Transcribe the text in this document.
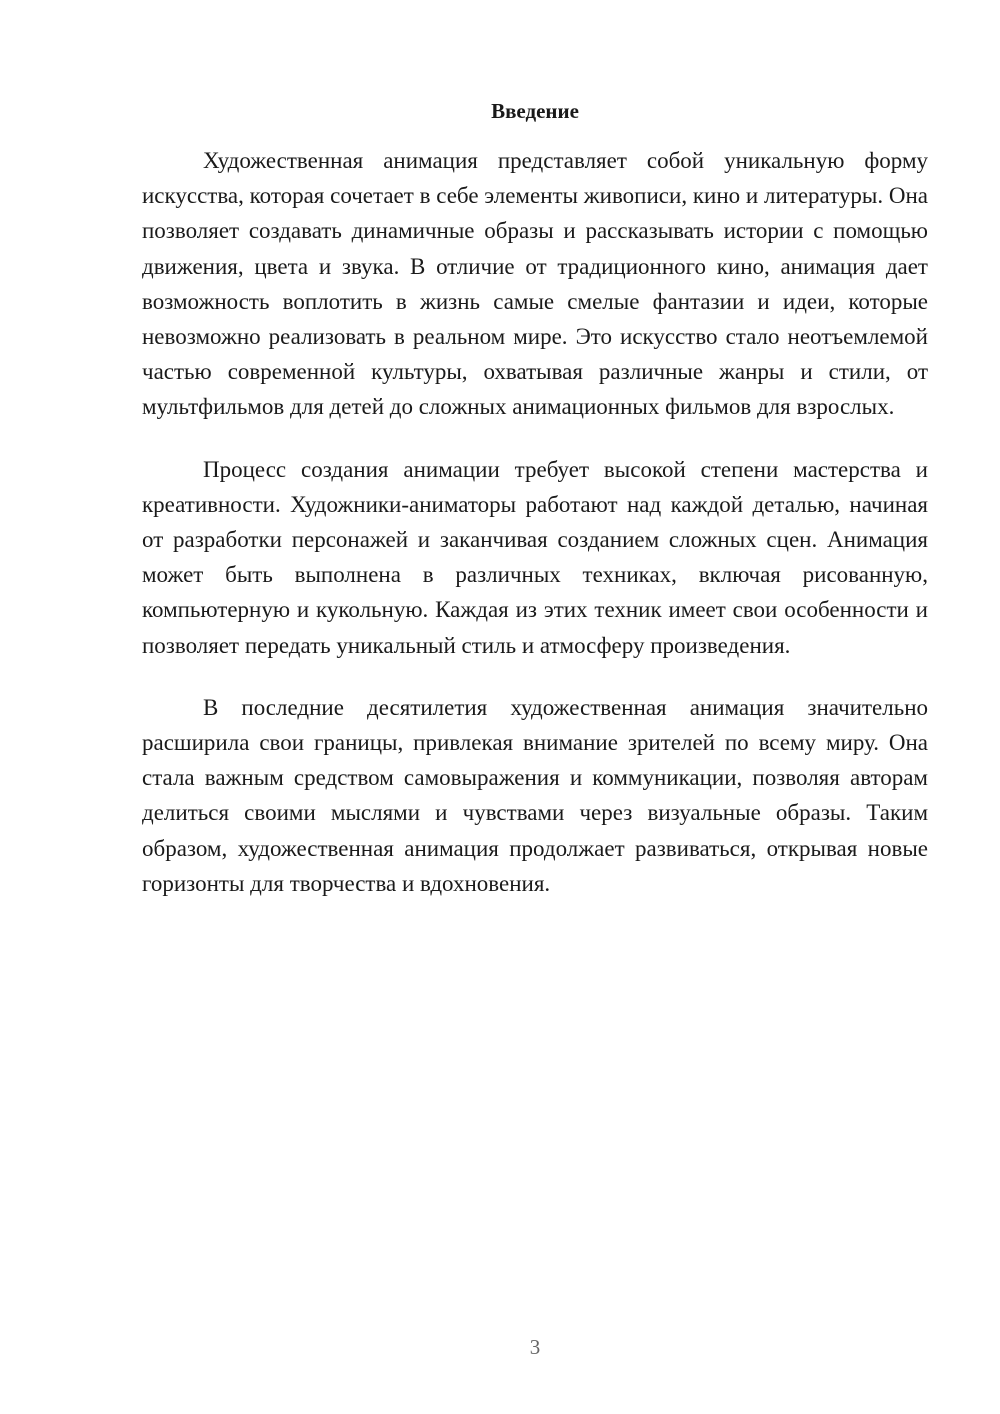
Введение

Художественная анимация представляет собой уникальную форму искусства, которая сочетает в себе элементы живописи, кино и литературы. Она позволяет создавать динамичные образы и рассказывать истории с помощью движения, цвета и звука. В отличие от традиционного кино, анимация дает возможность воплотить в жизнь самые смелые фантазии и идеи, которые невозможно реализовать в реальном мире. Это искусство стало неотъемлемой частью современной культуры, охватывая различные жанры и стили, от мультфильмов для детей до сложных анимационных фильмов для взрослых.

Процесс создания анимации требует высокой степени мастерства и креативности. Художники-аниматоры работают над каждой деталью, начиная от разработки персонажей и заканчивая созданием сложных сцен. Анимация может быть выполнена в различных техниках, включая рисованную, компьютерную и кукольную. Каждая из этих техник имеет свои особенности и позволяет передать уникальный стиль и атмосферу произведения.

В последние десятилетия художественная анимация значительно расширила свои границы, привлекая внимание зрителей по всему миру. Она стала важным средством самовыражения и коммуникации, позволяя авторам делиться своими мыслями и чувствами через визуальные образы. Таким образом, художественная анимация продолжает развиваться, открывая новые горизонты для творчества и вдохновения.

3
